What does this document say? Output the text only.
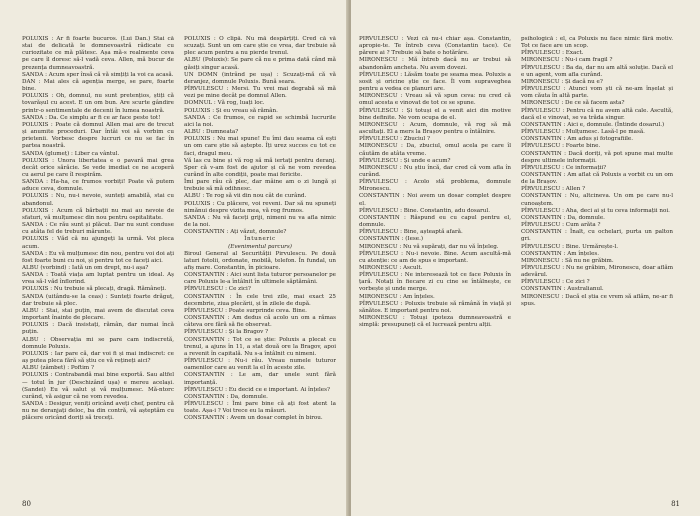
POLUXIS : Ar fi foarte bucuros. (Lui Dan.) Stai că stai de delicată le domnevoastră râdicate cu curiozitate ce mă plătesc. Așa mă-s realmente ceva pe care îl doresc să-l vadă ceva. Allen, mă bucur de prezența dumneavoastră.

SANDA : Acum sper însă că vă simțiți la voi ca acasă.

DAN : Mai ales că agenția merge, se pare, foarte bine.

POLUXIS : Oh, domnul, nu sunt pretențios, știți că tovarășul cu acest. E un om bun. Are scurte gândire printr-o sentimentale de decenii în lumea noastră.

SANDA : Da. Ce simplu ar fi ce ar face peste tot!

POLUXIS : Poate că domnul Allen mai are de trecut și anumite proceduri. Dar întâi voi să vorbim cu prietenii. Vorbesc despre lucruri ce nu se fac în partea noastră.

SANDA (glumeț) : Liber ca vântul.

POLUXIS : Unora libertatea e o pavară mai grea decât orice sărăcie. Se vede imediat ce ne acoperă cu aerul pe care îl respirăm.

SANDA : Ha-ha, ce frumos vorbiți! Poate vă putem aduce ceva, domnule.

POLUXIS : Nu, nu-i nevoie, sunteți amabilă, stai cu abandonul.

POLUXIS : Acum că bărbații nu mai au nevoie de sfaturi, vă mulțumesc din nou pentru ospitalitate.

SANDA : Ce rău sunt și plăcut. Dar nu sunt conduse cu atâta fel de treburi mărunte.

POLUXIS : Văd că nu ajungeți la urmă. Voi pleca acum.

SANDA : Eu vă mulțumesc din nou, pentru voi doi ați fost foarte buni cu noi, și pentru tot ce faceți aici.

ALBU (vorbind) : Iată un om drept, nu-i așa?

SANDA : Toată viața am luptat pentru un ideal. Aș vrea să-l văd înflorind.

POLUXIS : Nu trebuie să plecați, dragă. Rămâneți.

SANDA (uitându-se la ceas) : Sunteți foarte drăguț, dar trebuie să plec.

ALBU : Stai, stai puțin, mai avem de discutat ceva important înainte de plecare.

POLUXIS : Dacă insistați, rămân, dar numai încă puțin.

ALBU : Observația mi se pare cam indiscretă, domnule Poluxis.

POLUXIS : Iar pare că, dar voi fi și mai indiscret: ce aș putea pleca fără să știu ce vă rețineți aici?

ALBU (zâmbet) : Poftim ?

POLUXIS : Contrabandă mai bine exportă. Sau altfel — totul în jur (Deschizând ușa) e mereu același. (Sandei) Eu vă salut și vă mulțumesc. Mă-ntorc curând, vă asigur că ne vom revedea.

SANDA : Desigur, veniți oricând aveți chef, pentru că nu ne deranjați deloc, ba din contră, vă așteptăm cu plăcere oricând doriți să treceți.

POLUXIS : O clipă. Nu mă despărțiți. Cred că vă scuzați. Sunt un om care știe ce vrea, dar trebuie să plec acum pentru a nu pierde trenul.

ALBU (Poluxis): Se pare că nu e prima dată când mă găsiți singur acasă.

UN DOMN (intrând pe ușa) : Scuzați-mă că vă deranjez, domnule Poluxis. Bună seara.

PÎRVULESCU : Mersi. Tu vrei mai degrabă să mă vezi pe mine decât pe domnul Allen.

DOMNUL : Vă rog, luați loc.

POLUXIS : Și eu vreau să rămân.

SANDA : Ce frumos, ce rapid se schimbă lucrurile aici la noi.

ALBU : Dumneata?

POLUXIS : Nu mai spune! Eu îmi dau seama că ești un om care știe să aștepte. Îți urez succes cu tot ce faci, dragul meu.

Vă las cu bine și vă rog să mă iertați pentru deranj. Sper că v-am fost de ajutor și că ne vom revedea curând în alte condiții, poate mai fericite.

Îmi pare rău că plec, dar mâine am o zi lungă și trebuie să mă odihnesc.

ALBU : Te rog să vii din nou cât de curând.

POLUXIS : Cu plăcere, voi reveni. Dar să nu spuneți nimănui despre vizita mea, vă rog frumos.

SANDA : Nu vă faceți griji, nimeni nu va afla nimic de la noi.

CONSTANTIN : Ați văzut, domnule?

Întuneric

(Evenimentul parcurs)

Biroul General al Securității Pirvulescu. Pe două laturi fotolii, ordonate, mobilă, telefon. În fundal, un afiș mare. Constantin, în picioare.

CONSTANTIN : Aici sunt lista tuturor persoanelor pe care Poluxis le-a întâlnit în ultimele săptămâni.

PÎRVULESCU : Ce zici?

CONSTANTIN : În cele trei zile, mai exact 25 decembrie, ziua plecării, și în zilele de după.

PÎRVULESCU : Poate surprinde ceva. Bine.

CONSTANTIN : Am dedus că acolo un om a rămas câteva ore fără să fie observat.

PÎRVULESCU : Și la Bragov ?

CONSTANTIN : Tot ce se știe: Poluxis a plecat cu trenul, a ajuns în 11, a stat două ore la Bragov, apoi a revenit în capitală. Nu s-a întâlnit cu nimeni.

PÎRVULESCU : Nu-i rău. Vreau numele tuturor oamenilor care au venit la el în aceste zile.

CONSTANTIN : Le am, dar unele sunt fără importanță.

PÎRVULESCU : Eu decid ce e important. Ai înțeles?

CONSTANTIN : Da, domnule.

PÎRVULESCU : Îmi pare bine că ați fost atent la toate. Așa-i ? Voi trece eu la măsuri.

CONSTANTIN : Avem un dosar complet în birou.

80

PÎRVULESCU : Vezi că nu-i chiar așa. Constantin, apropie-te. Te întreb ceva (Constantin tace). Ce părere ai ? Trebuie să bate o hotărâre.

MIRONESCU : Mă întreb dacă nu ar trebui să abandonăm ancheta. Nu avem dovezi.

PÎRVULESCU : Lăsăm toate pe seama mea. Poluxis a sosit și oricine știe ce face. Îl vom supraveghea pentru a vedea ce planuri are.

MIRONESCU : Vreau să vă spun ceva: nu cred că omul acesta e vinovat de tot ce se spune.

PÎRVULESCU : Și totuși el a venit aici din motive bine definite. Ne vom ocupa de el.

MIRONESCU : Acum, domnule, vă rog să mă ascultați. El a mers la Brașov pentru o întâlnire.

PÎRVULESCU : Zbuciul ?

MIRONESCU : Da, zbuciul, omul acela pe care îl căutăm de atâta vreme.

PÎRVULESCU : Și unde e acum?

MIRONESCU : Nu știu încă, dar cred că vom afla în curând.

PÎRVULESCU : Acolo stă problema, domnule Mironescu.

CONSTANTIN : Noi avem un dosar complet despre el.

PÎRVULESCU : Bine. Constantin, adu dosarul.

CONSTANTIN : Răspund eu cu capul pentru el, domnule.

PÎRVULESCU : Bine, așteaptă afară.

CONSTANTIN : (Iese.)

MIRONESCU : Nu vă supărați, dar nu vă înțeleg.

PÎRVULESCU : Nu-i nevoie. Bine. Acum ascultă-mă cu atenție: ce am de spus e important.

MIRONESCU : Ascult.

PÎRVULESCU : Ne interesează tot ce face Poluxis în țară. Notați în fiecare zi cu cine se întâlnește, ce vorbește și unde merge.

MIRONESCU : Am înțeles.

PÎRVULESCU : Poluxis trebuie să rămână în viață și sănătos. E important pentru noi.

MIRONESCU : Totuși ipoteza dumneavoastră e simplă: presupuneți că el lucrează pentru alții.

psihologică : el, ca Poluxis nu face nimic fără motiv. Tot ce face are un scop.

PÎRVULESCU : Exact.

MIRONESCU : Nu-i cam fragil ?

PÎRVULESCU : Ba da, dar nu am altă soluție. Dacă el e un agent, vom afla curând.

MIRONESCU : Și dacă nu e?

PÎRVULESCU : Atunci vom ști că ne-am înșelat și vom căuta în altă parte.

MIRONESCU : De ce să facem asta?

PÎRVULESCU : Pentru că nu avem altă cale. Ascultă, dacă el e vinovat, se va trăda singur.

CONSTANTIN : Aici e, domnule. (Întinde dosarul.)

PÎRVULESCU : Mulțumesc. Lasă-l pe masă.

CONSTANTIN : Am adus și fotografiile.

PÎRVULESCU : Foarte bine.

CONSTANTIN : Dacă doriți, vă pot spune mai multe despre ultimele informații.

PÎRVULESCU : Ce informații?

CONSTANTIN : Am aflat că Poluxis a vorbit cu un om de la Brașov.

PÎRVULESCU : Allen ?

CONSTANTIN : Nu, altcineva. Un om pe care nu-l cunoaștem.

PÎRVULESCU : Aha, deci ai și tu ceva informații noi.

CONSTANTIN : Da, domnule.

PÎRVULESCU : Cum arăta ?

CONSTANTIN : Înalt, cu ochelari, purta un palton gri.

PÎRVULESCU : Bine. Urmărește-l.

CONSTANTIN : Am înțeles.

MIRONESCU : Să nu ne grăbim.

PÎRVULESCU : Nu ne grăbim, Mironescu, doar aflăm adevărul.

PÎRVULESCU : Ce zici ?

CONSTANTIN : Australianul.

MIRONESCU : Dacă el știa ce vrem să aflăm, ne-ar fi spus.

81
